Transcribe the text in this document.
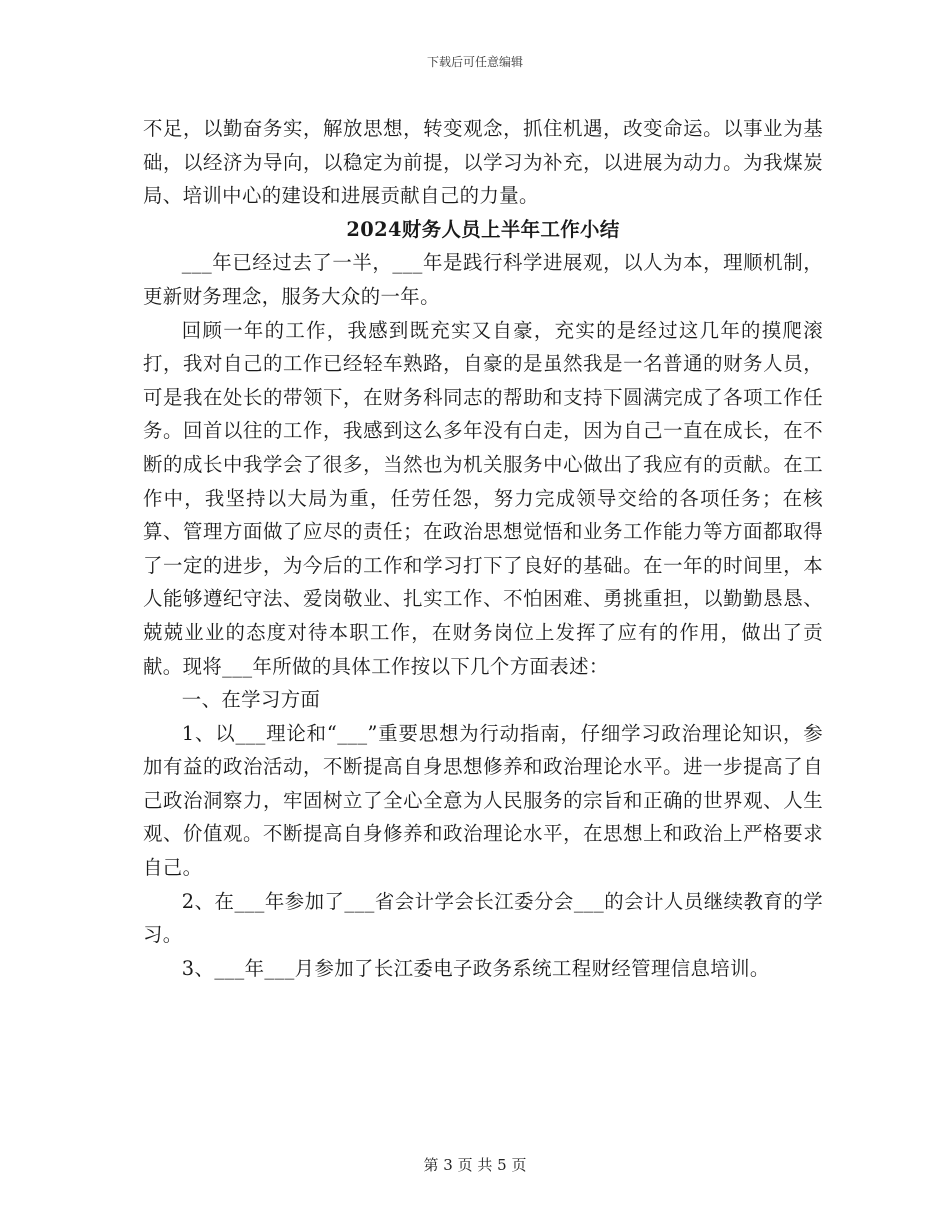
下载后可任意编辑

不足，以勤奋务实，解放思想，转变观念，抓住机遇，改变命运。以事业为基础，以经济为导向，以稳定为前提，以学习为补充，以进展为动力。为我煤炭局、培训中心的建设和进展贡献自己的力量。

2024财务人员上半年工作小结

___年已经过去了一半，___年是践行科学进展观，以人为本，理顺机制，更新财务理念，服务大众的一年。

回顾一年的工作，我感到既充实又自豪，充实的是经过这几年的摸爬滚打，我对自己的工作已经轻车熟路，自豪的是虽然我是一名普通的财务人员，可是我在处长的带领下，在财务科同志的帮助和支持下圆满完成了各项工作任务。回首以往的工作，我感到这么多年没有白走，因为自己一直在成长，在不断的成长中我学会了很多，当然也为机关服务中心做出了我应有的贡献。在工作中，我坚持以大局为重，任劳任怨，努力完成领导交给的各项任务；在核算、管理方面做了应尽的责任；在政治思想觉悟和业务工作能力等方面都取得了一定的进步，为今后的工作和学习打下了良好的基础。在一年的时间里，本人能够遵纪守法、爱岗敬业、扎实工作、不怕困难、勇挑重担，以勤勤恳恳、兢兢业业的态度对待本职工作，在财务岗位上发挥了应有的作用，做出了贡献。现将___年所做的具体工作按以下几个方面表述：

一、在学习方面

1、以___理论和“___”重要思想为行动指南，仔细学习政治理论知识，参加有益的政治活动，不断提高自身思想修养和政治理论水平。进一步提高了自己政治洞察力，牢固树立了全心全意为人民服务的宗旨和正确的世界观、人生观、价值观。不断提高自身修养和政治理论水平，在思想上和政治上严格要求自己。

2、在___年参加了___省会计学会长江委分会___的会计人员继续教育的学习。

3、___年___月参加了长江委电子政务系统工程财经管理信息培训。

第 3 页 共 5 页
